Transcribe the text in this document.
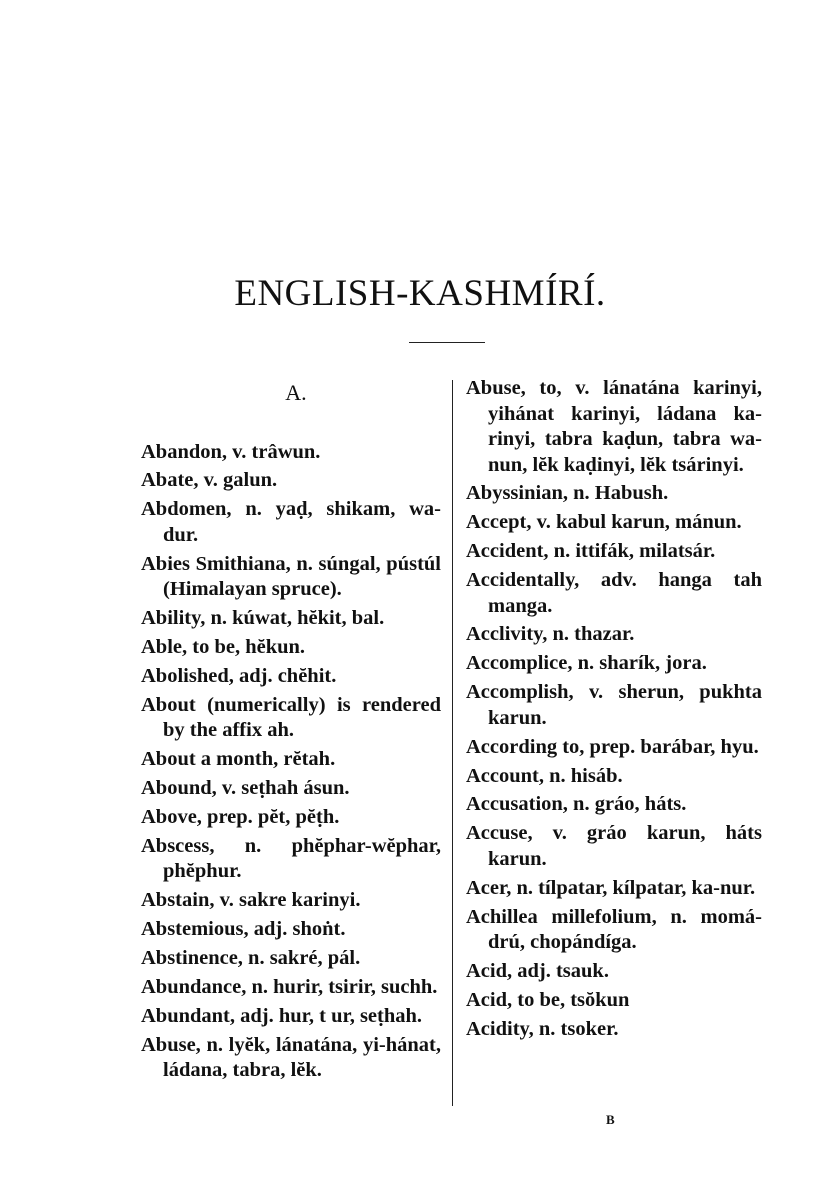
ENGLISH-KASHMÍRÍ.
A.
Abandon, v. trâwun.
Abate, v. galun.
Abdomen, n. yaḍ, shikam, wa-dur.
Abies Smithiana, n. súngal, pústúl (Himalayan spruce).
Ability, n. kúwat, hĕkit, bal.
Able, to be, hĕkun.
Abolished, adj. chĕhit.
About (numerically) is rendered by the affix ah.
About a month, rĕtah.
Abound, v. seṭhah ásun.
Above, prep. pĕt, pĕṭh.
Abscess, n. phĕphar-wĕphar, phĕphur.
Abstain, v. sakre karinyi.
Abstemious, adj. shoṅt.
Abstinence, n. sakré, pál.
Abundance, n. hurir, tsirir, suchh.
Abundant, adj. hur, t ur, seṭhah.
Abuse, n. lyĕk, lánatána, yi-hánat, ládana, tabra, lĕk.
Abuse, to, v. lánatána karinyi, yihánat karinyi, ládana ka-rinyi, tabra kaḍun, tabra wa-nun, lĕk kaḍinyi, lĕk tsárinyi.
Abyssinian, n. Habush.
Accept, v. kabul karun, mánun.
Accident, n. ittifák, milatsár.
Accidentally, adv. hanga tah manga.
Acclivity, n. thazar.
Accomplice, n. sharík, jora.
Accomplish, v. sherun, pukhta karun.
According to, prep. barábar, hyu.
Account, n. hisáb.
Accusation, n. gráo, háts.
Accuse, v. gráo karun, háts karun.
Acer, n. tílpatar, kílpatar, ka-nur.
Achillea millefolium, n. momá-drú, chopándíga.
Acid, adj. tsauk.
Acid, to be, tsŏkun
Acidity, n. tsoker.
B
